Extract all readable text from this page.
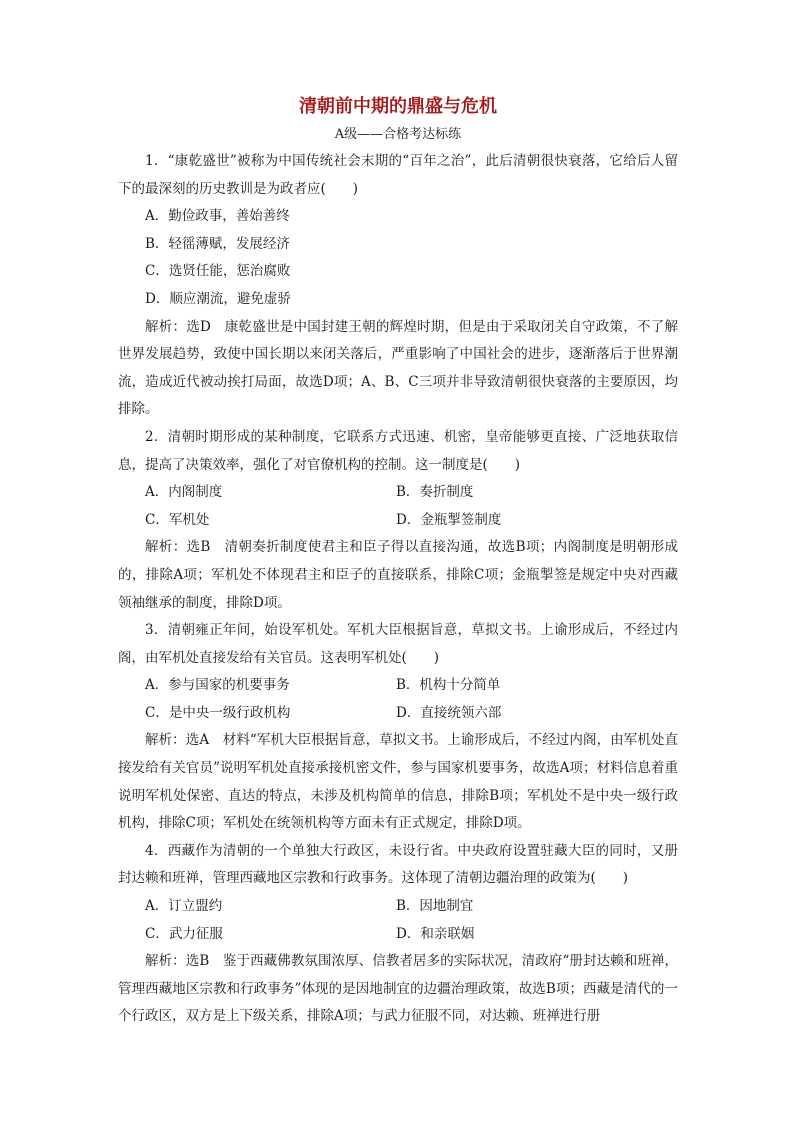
清朝前中期的鼎盛与危机
A级——合格考达标练

1．“康乾盛世”被称为中国传统社会末期的“百年之治”，此后清朝很快衰落，它给后人留下的最深刻的历史教训是为政者应(　　)

A．勤俭政事，善始善终
B．轻徭薄赋，发展经济
C．选贤任能，惩治腐败
D．顺应潮流，避免虚骄

解析：选D　康乾盛世是中国封建王朝的辉煌时期，但是由于采取闭关自守政策，不了解世界发展趋势，致使中国长期以来闭关落后，严重影响了中国社会的进步，逐渐落后于世界潮流，造成近代被动挨打局面，故选D项；A、B、C三项并非导致清朝很快衰落的主要原因，均排除。

2．清朝时期形成的某种制度，它联系方式迅速、机密，皇帝能够更直接、广泛地获取信息，提高了决策效率，强化了对官僚机构的控制。这一制度是(　　)

A．内阁制度	B．奏折制度
C．军机处	D．金瓶掣签制度

解析：选B　清朝奏折制度使君主和臣子得以直接沟通，故选B项；内阁制度是明朝形成的，排除A项；军机处不体现君主和臣子的直接联系，排除C项；金瓶掣签是规定中央对西藏领袖继承的制度，排除D项。

3．清朝雍正年间，始设军机处。军机大臣根据旨意，草拟文书。上谕形成后，不经过内阁，由军机处直接发给有关官员。这表明军机处(　　)

A．参与国家的机要事务	B．机构十分简单
C．是中央一级行政机构	D．直接统领六部

解析：选A　材料“军机大臣根据旨意，草拟文书。上谕形成后，不经过内阁，由军机处直接发给有关官员”说明军机处直接承接机密文件，参与国家机要事务，故选A项；材料信息着重说明军机处保密、直达的特点，未涉及机构简单的信息，排除B项；军机处不是中央一级行政机构，排除C项；军机处在统领机构等方面未有正式规定，排除D项。

4．西藏作为清朝的一个单独大行政区，未设行省。中央政府设置驻藏大臣的同时，又册封达赖和班禅，管理西藏地区宗教和行政事务。这体现了清朝边疆治理的政策为(　　)

A．订立盟约	B．因地制宜
C．武力征服	D．和亲联姻

解析：选B　鉴于西藏佛教氛围浓厚、信教者居多的实际状况，清政府“册封达赖和班禅，管理西藏地区宗教和行政事务”体现的是因地制宜的边疆治理政策，故选B项；西藏是清代的一个行政区，双方是上下级关系，排除A项；与武力征服不同，对达赖、班禅进行册
